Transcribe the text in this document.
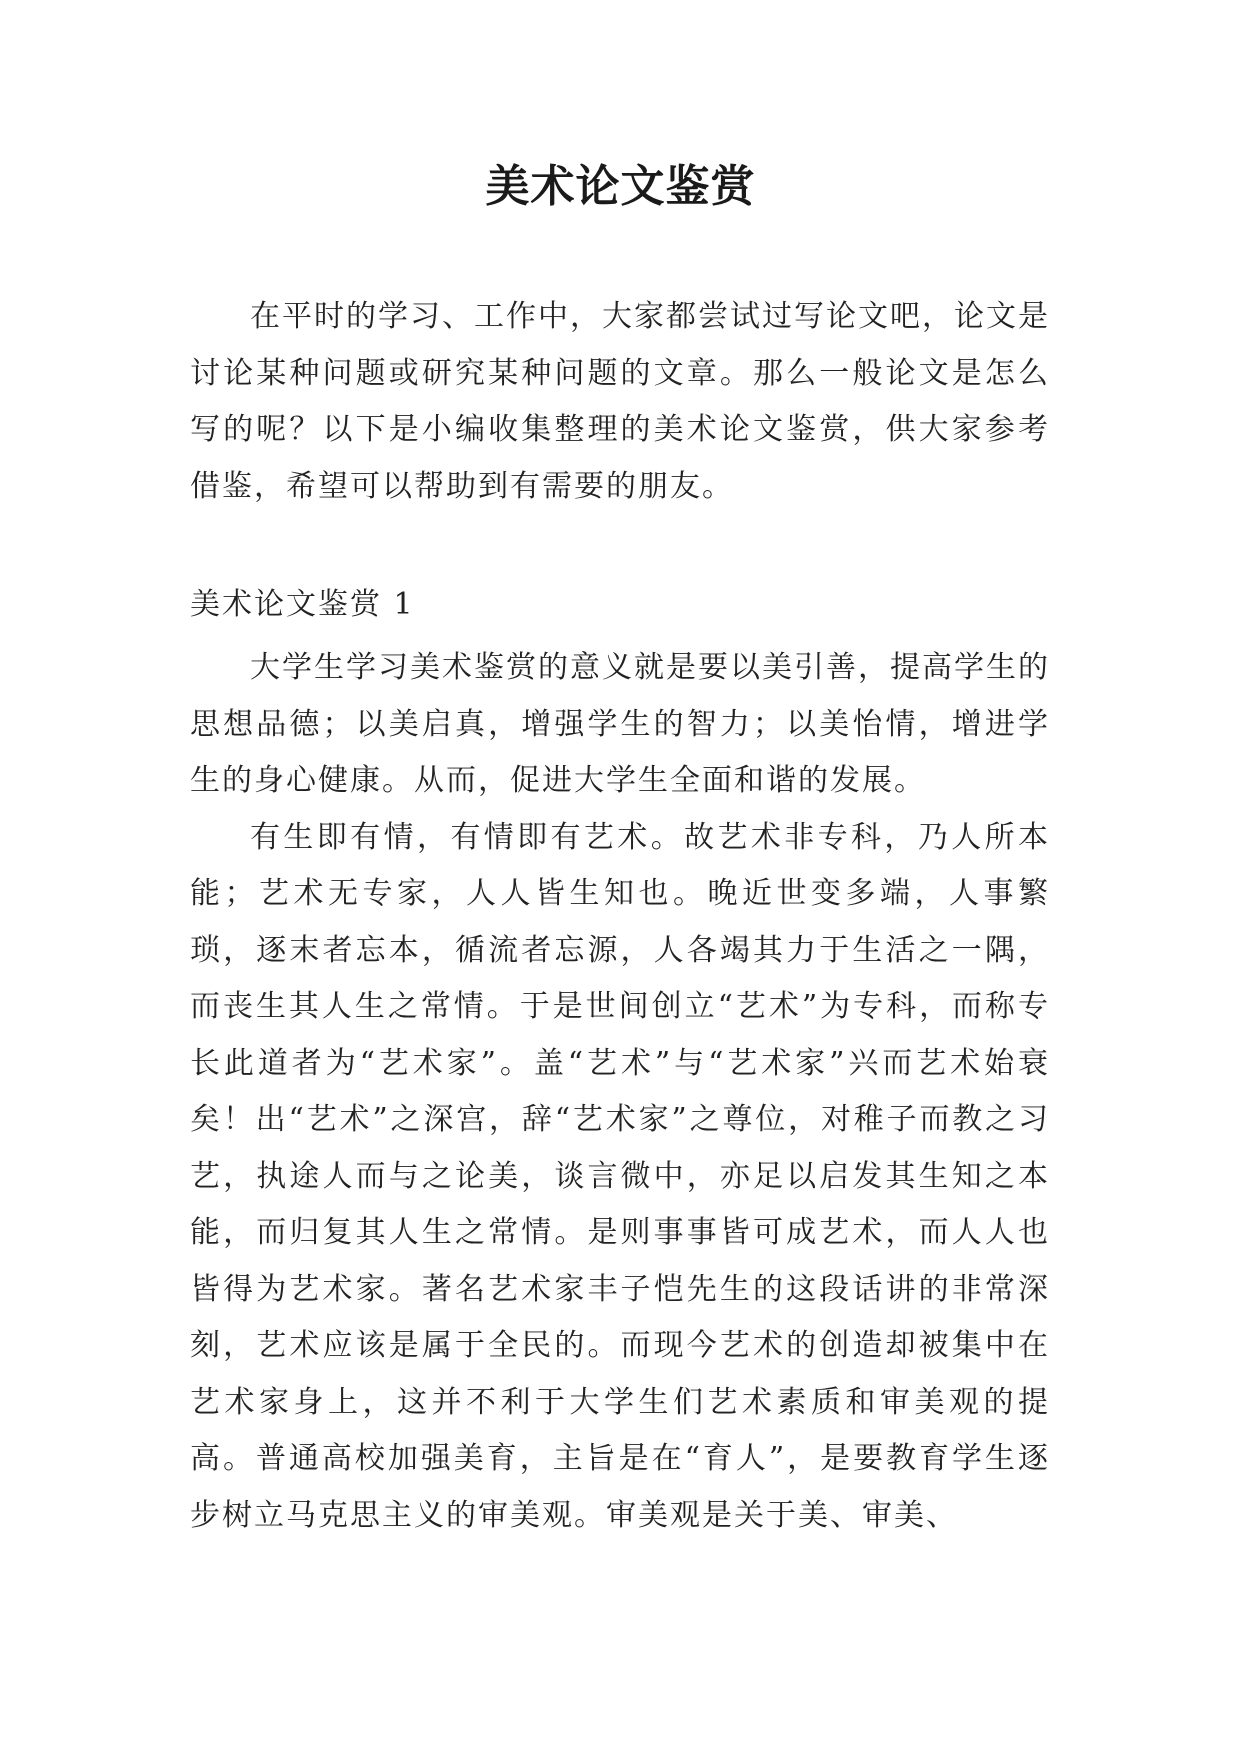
美术论文鉴赏

在平时的学习、工作中，大家都尝试过写论文吧，论文是讨论某种问题或研究某种问题的文章。那么一般论文是怎么写的呢？以下是小编收集整理的美术论文鉴赏，供大家参考借鉴，希望可以帮助到有需要的朋友。

美术论文鉴赏 1

大学生学习美术鉴赏的意义就是要以美引善，提高学生的思想品德；以美启真，增强学生的智力；以美怡情，增进学生的身心健康。从而，促进大学生全面和谐的发展。

有生即有情，有情即有艺术。故艺术非专科，乃人所本能；艺术无专家，人人皆生知也。晚近世变多端，人事繁琐，逐末者忘本，循流者忘源，人各竭其力于生活之一隅，而丧生其人生之常情。于是世间创立“艺术”为专科，而称专长此道者为“艺术家”。盖“艺术”与“艺术家”兴而艺术始衰矣！出“艺术”之深宫，辞“艺术家”之尊位，对稚子而教之习艺，执途人而与之论美，谈言微中，亦足以启发其生知之本能，而归复其人生之常情。是则事事皆可成艺术，而人人也皆得为艺术家。著名艺术家丰子恺先生的这段话讲的非常深刻，艺术应该是属于全民的。而现今艺术的创造却被集中在艺术家身上，这并不利于大学生们艺术素质和审美观的提高。普通高校加强美育，主旨是在“育人”，是要教育学生逐步树立马克思主义的审美观。审美观是关于美、审美、
